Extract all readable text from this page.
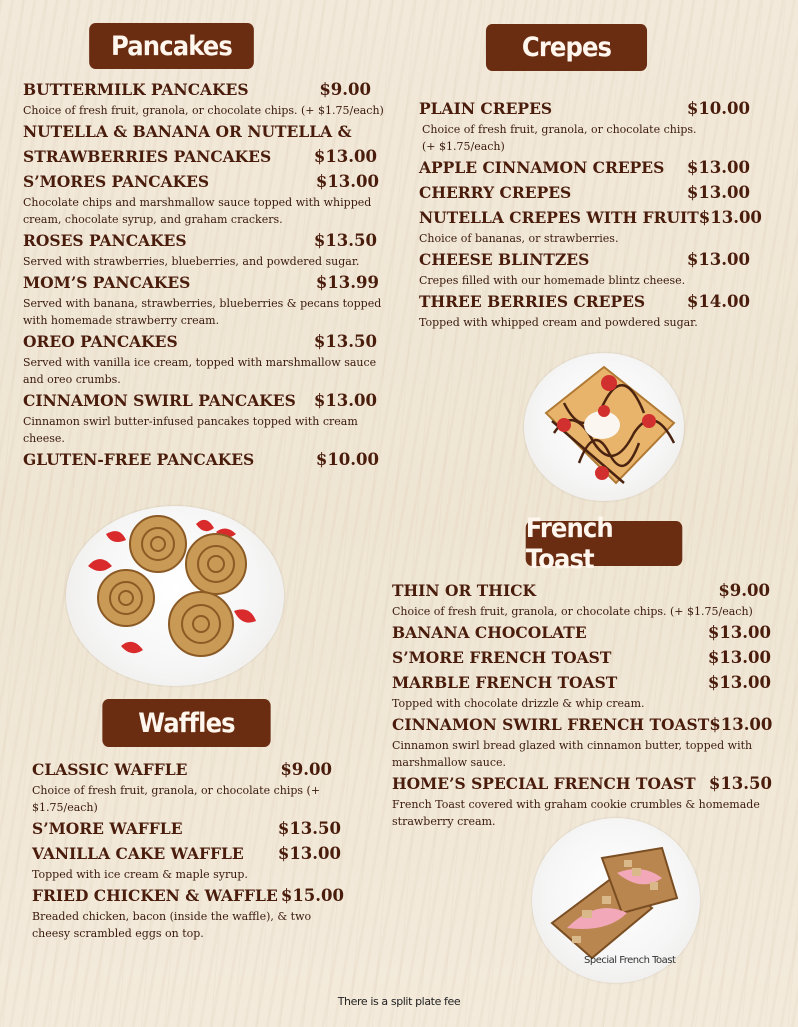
Pancakes
BUTTERMILK PANCAKES	$9.00
Choice of fresh fruit, granola, or chocolate chips. (+ $1.75/each)
NUTELLA & BANANA OR NUTELLA &
STRAWBERRIES PANCAKES	$13.00
S’MORES PANCAKES	$13.00
Chocolate chips and marshmallow sauce topped with whipped cream, chocolate syrup, and graham crackers.
ROSES PANCAKES	$13.50
Served with strawberries, blueberries, and powdered sugar.
MOM’S PANCAKES	$13.99
Served with banana, strawberries, blueberries & pecans topped with homemade strawberry cream.
OREO PANCAKES	$13.50
Served with vanilla ice cream, topped with marshmallow sauce and oreo crumbs.
CINNAMON SWIRL PANCAKES $13.00
Cinnamon swirl butter-infused pancakes topped with cream cheese.
GLUTEN-FREE PANCAKES	$10.00
Waffles
CLASSIC WAFFLE	$9.00
Choice of fresh fruit, granola, or chocolate chips (+ $1.75/each)
S’MORE WAFFLE	$13.50
VANILLA CAKE WAFFLE $13.00
Topped with ice cream & maple syrup.
FRIED CHICKEN & WAFFLE $15.00
Breaded chicken, bacon (inside the waffle), & two cheesy scrambled eggs on top.
Crepes
PLAIN CREPES	$10.00
Choice of fresh fruit, granola, or chocolate chips. (+ $1.75/each)
APPLE CINNAMON CREPES $13.00
CHERRY CREPES	$13.00
NUTELLA CREPES WITH FRUIT $13.00
Choice of bananas, or strawberries.
CHEESE BLINTZES	$13.00
Crepes filled with our homemade blintz cheese.
THREE BERRIES CREPES	$14.00
Topped with whipped cream and powdered sugar.
French Toast
THIN OR THICK	$9.00
Choice of fresh fruit, granola, or chocolate chips. (+ $1.75/each)
BANANA CHOCOLATE	$13.00
S’MORE FRENCH TOAST	$13.00
MARBLE FRENCH TOAST	$13.00
Topped with chocolate drizzle & whip cream.
CINNAMON SWIRL FRENCH TOAST $13.00
Cinnamon swirl bread glazed with cinnamon butter, topped with marshmallow sauce.
HOME’S SPECIAL FRENCH TOAST $13.50
French Toast covered with graham cookie crumbles & homemade strawberry cream.
Special French Toast
There is a split plate fee
